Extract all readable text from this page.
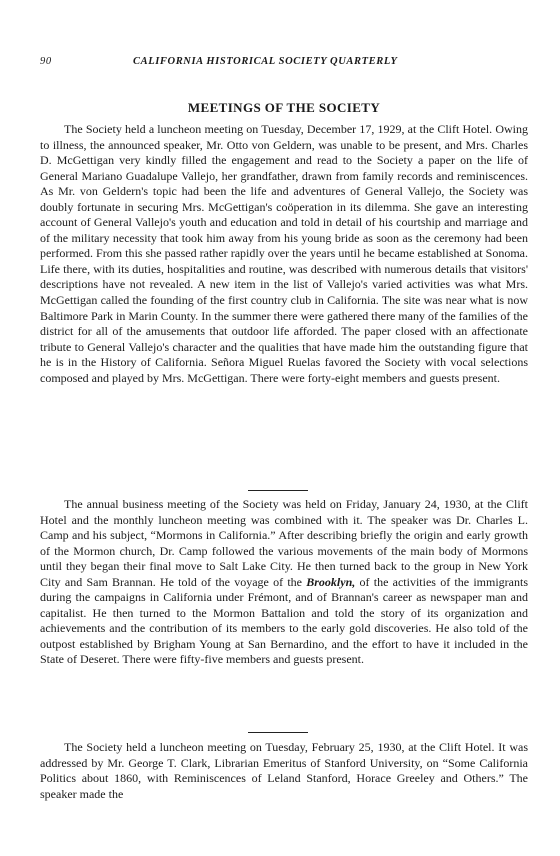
90	CALIFORNIA HISTORICAL SOCIETY QUARTERLY
MEETINGS OF THE SOCIETY

The Society held a luncheon meeting on Tuesday, December 17, 1929, at the Clift Hotel. Owing to illness, the announced speaker, Mr. Otto von Geldern, was unable to be present, and Mrs. Charles D. McGettigan very kindly filled the engagement and read to the Society a paper on the life of General Mariano Guadalupe Vallejo, her grandfather, drawn from family records and reminiscences. As Mr. von Geldern's topic had been the life and adventures of General Vallejo, the Society was doubly fortunate in securing Mrs. McGettigan's coöperation in its dilemma. She gave an interesting account of General Vallejo's youth and education and told in detail of his courtship and marriage and of the military necessity that took him away from his young bride as soon as the ceremony had been performed. From this she passed rather rapidly over the years until he became established at Sonoma. Life there, with its duties, hospitalities and routine, was described with numerous details that visitors' descriptions have not revealed. A new item in the list of Vallejo's varied activities was what Mrs. McGettigan called the founding of the first country club in California. The site was near what is now Baltimore Park in Marin County. In the summer there were gathered there many of the families of the district for all of the amusements that outdoor life afforded. The paper closed with an affectionate tribute to General Vallejo's character and the qualities that have made him the outstanding figure that he is in the History of California. Señora Miguel Ruelas favored the Society with vocal selections composed and played by Mrs. McGettigan. There were forty-eight members and guests present.

The annual business meeting of the Society was held on Friday, January 24, 1930, at the Clift Hotel and the monthly luncheon meeting was combined with it. The speaker was Dr. Charles L. Camp and his subject, “Mormons in California.” After describing briefly the origin and early growth of the Mormon church, Dr. Camp followed the various movements of the main body of Mormons until they began their final move to Salt Lake City. He then turned back to the group in New York City and Sam Brannan. He told of the voyage of the Brooklyn, of the activities of the immigrants during the campaigns in California under Frémont, and of Brannan's career as newspaper man and capitalist. He then turned to the Mormon Battalion and told the story of its organization and achievements and the contribution of its members to the early gold discoveries. He also told of the outpost established by Brigham Young at San Bernardino, and the effort to have it included in the State of Deseret. There were fifty-five members and guests present.

The Society held a luncheon meeting on Tuesday, February 25, 1930, at the Clift Hotel. It was addressed by Mr. George T. Clark, Librarian Emeritus of Stanford University, on “Some California Politics about 1860, with Reminiscences of Leland Stanford, Horace Greeley and Others.” The speaker made the
